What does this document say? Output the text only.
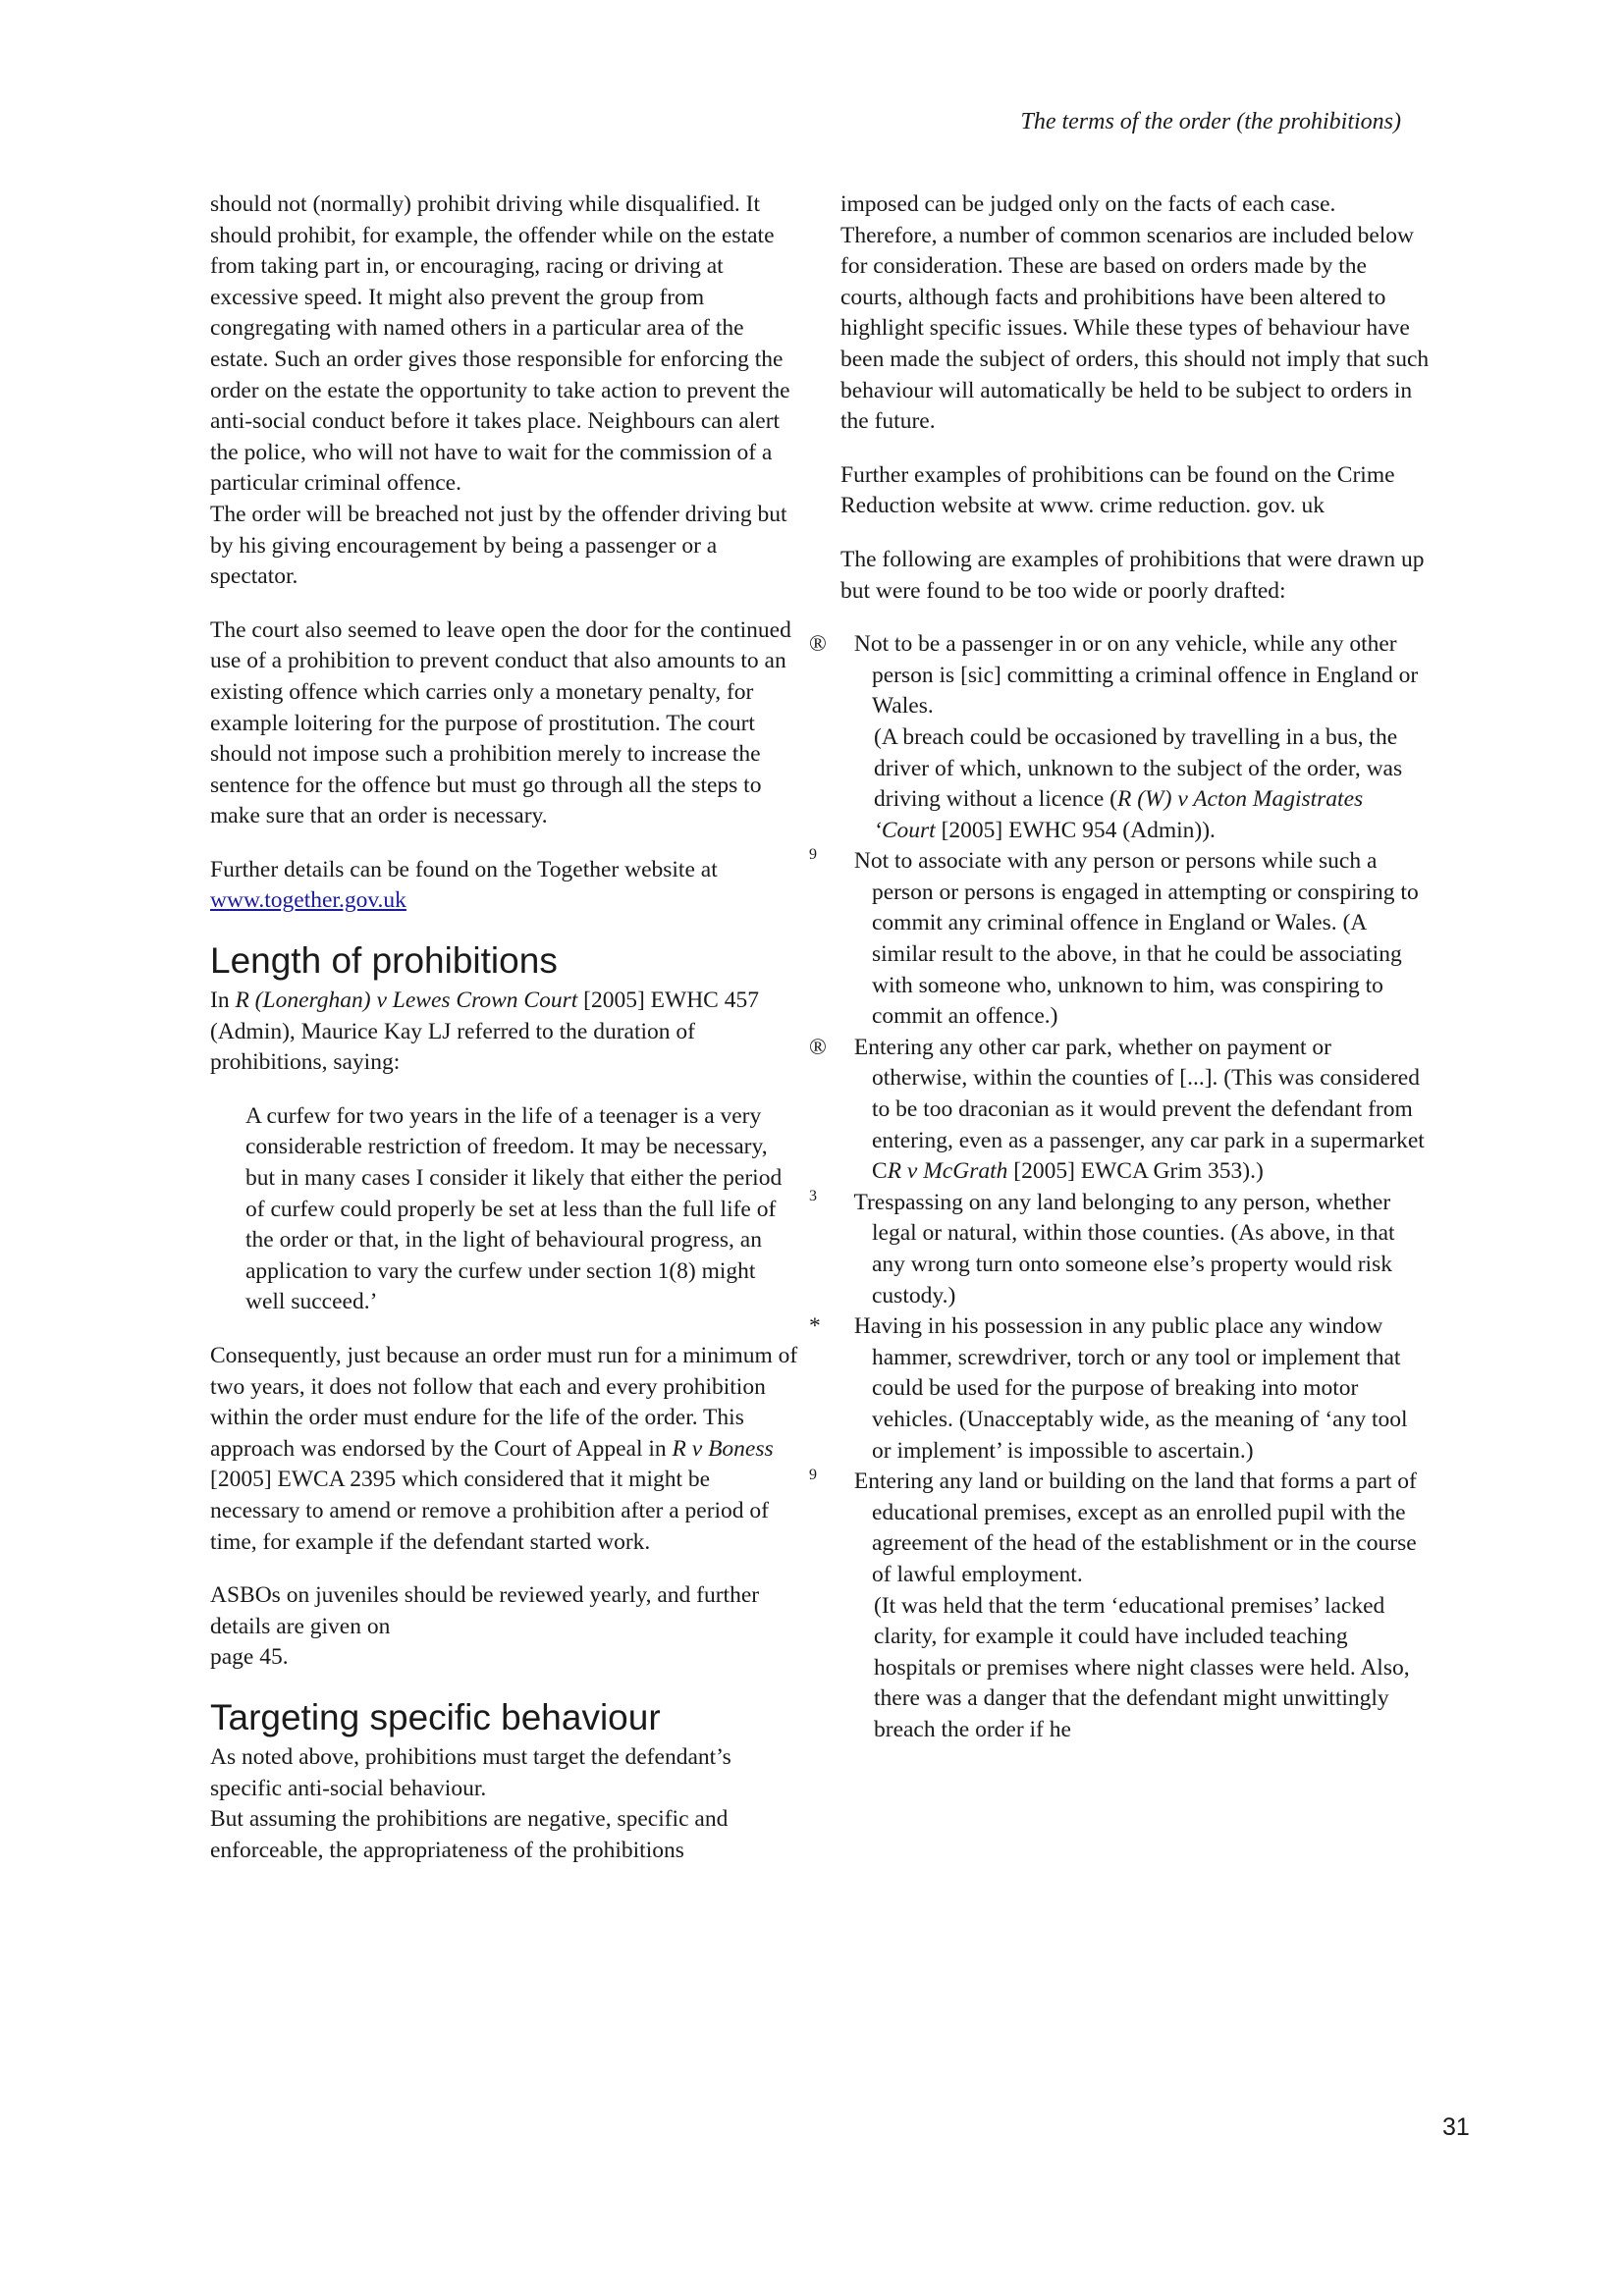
The terms of the order (the prohibitions)

should not (normally) prohibit driving while disqualified. It should prohibit, for example, the offender while on the estate from taking part in, or encouraging, racing or driving at excessive speed. It might also prevent the group from congregating with named others in a particular area of the estate. Such an order gives those responsible for enforcing the order on the estate the opportunity to take action to prevent the anti-social conduct before it takes place. Neighbours can alert the police, who will not have to wait for the commission of a particular criminal offence.

The order will be breached not just by the offender driving but by his giving encouragement by being a passenger or a spectator.

The court also seemed to leave open the door for the continued use of a prohibition to prevent conduct that also amounts to an existing offence which carries only a monetary penalty, for example loitering for the purpose of prostitution. The court should not impose such a prohibition merely to increase the sentence for the offence but must go through all the steps to make sure that an order is necessary.

Further details can be found on the Together website at www.together.gov.uk

Length of prohibitions

In R (Lonerghan) v Lewes Crown Court [2005] EWHC 457 (Admin), Maurice Kay LJ referred to the duration of prohibitions, saying:

A curfew for two years in the life of a teenager is a very considerable restriction of freedom. It may be necessary, but in many cases I consider it likely that either the period of curfew could properly be set at less than the full life of the order or that, in the light of behavioural progress, an application to vary the curfew under section 1(8) might well succeed.’

Consequently, just because an order must run for a minimum of two years, it does not follow that each and every prohibition within the order must endure for the life of the order. This approach was endorsed by the Court of Appeal in R v Boness [2005] EWCA 2395 which considered that it might be necessary to amend or remove a prohibition after a period of time, for example if the defendant started work.

ASBOs on juveniles should be reviewed yearly, and further details are given on
page 45.

Targeting specific behaviour

As noted above, prohibitions must target the defendant’s specific anti-social behaviour.

But assuming the prohibitions are negative, specific and enforceable, the appropriateness of the prohibitions

imposed can be judged only on the facts of each case. Therefore, a number of common scenarios are included below for consideration. These are based on orders made by the courts, although facts and prohibitions have been altered to highlight specific issues. While these types of behaviour have been made the subject of orders, this should not imply that such behaviour will automatically be held to be subject to orders in the future.

Further examples of prohibitions can be found on the Crime Reduction website at www. crime reduction. gov. uk

The following are examples of prohibitions that were drawn up but were found to be too wide or poorly drafted:

® Not to be a passenger in or on any vehicle, while any other person is [sic] committing a criminal offence in England or Wales.
(A breach could be occasioned by travelling in a bus, the driver of which, unknown to the subject of the order, was driving without a licence (R (W) v Acton Magistrates ‘Court [2005] EWHC 954 (Admin)).
9 Not to associate with any person or persons while such a person or persons is engaged in attempting or conspiring to commit any criminal offence in England or Wales. (A similar result to the above, in that he could be associating with someone who, unknown to him, was conspiring to commit an offence.)
® Entering any other car park, whether on payment or otherwise, within the counties of [...]. (This was considered to be too draconian as it would prevent the defendant from entering, even as a passenger, any car park in a supermarket CR v McGrath [2005] EWCA Grim 353).)
3 Trespassing on any land belonging to any person, whether legal or natural, within those counties. (As above, in that any wrong turn onto someone else’s property would risk custody.)
* Having in his possession in any public place any window hammer, screwdriver, torch or any tool or implement that could be used for the purpose of breaking into motor vehicles. (Unacceptably wide, as the meaning of ‘any tool or implement’ is impossible to ascertain.)
9 Entering any land or building on the land that forms a part of educational premises, except as an enrolled pupil with the agreement of the head of the establishment or in the course of lawful employment.
(It was held that the term ‘educational premises’ lacked clarity, for example it could have included teaching hospitals or premises where night classes were held. Also, there was a danger that the defendant might unwittingly breach the order if he
31
